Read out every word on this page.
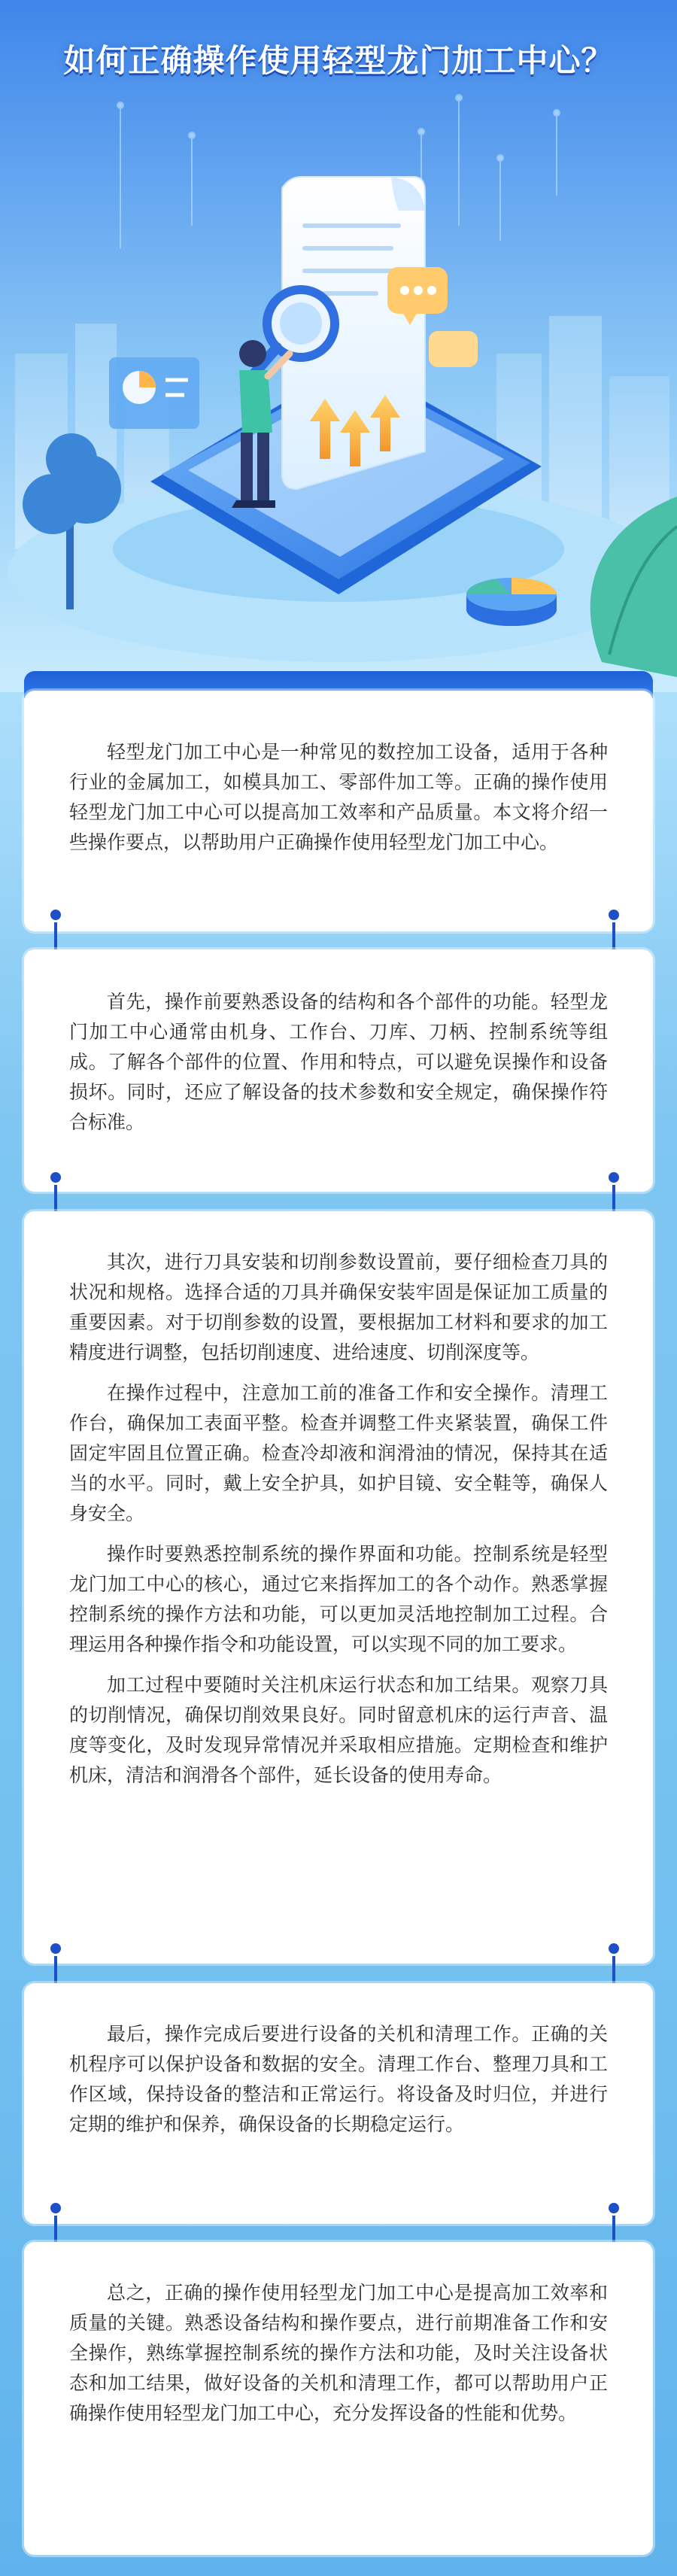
如何正确操作使用轻型龙门加工中心？

轻型龙门加工中心是一种常见的数控加工设备，适用于各种行业的金属加工，如模具加工、零部件加工等。正确的操作使用轻型龙门加工中心可以提高加工效率和产品质量。本文将介绍一些操作要点，以帮助用户正确操作使用轻型龙门加工中心。

首先，操作前要熟悉设备的结构和各个部件的功能。轻型龙门加工中心通常由机身、工作台、刀库、刀柄、控制系统等组成。了解各个部件的位置、作用和特点，可以避免误操作和设备损坏。同时，还应了解设备的技术参数和安全规定，确保操作符合标准。

其次，进行刀具安装和切削参数设置前，要仔细检查刀具的状况和规格。选择合适的刀具并确保安装牢固是保证加工质量的重要因素。对于切削参数的设置，要根据加工材料和要求的加工精度进行调整，包括切削速度、进给速度、切削深度等。

在操作过程中，注意加工前的准备工作和安全操作。清理工作台，确保加工表面平整。检查并调整工件夹紧装置，确保工件固定牢固且位置正确。检查冷却液和润滑油的情况，保持其在适当的水平。同时，戴上安全护具，如护目镜、安全鞋等，确保人身安全。

操作时要熟悉控制系统的操作界面和功能。控制系统是轻型龙门加工中心的核心，通过它来指挥加工的各个动作。熟悉掌握控制系统的操作方法和功能，可以更加灵活地控制加工过程。合理运用各种操作指令和功能设置，可以实现不同的加工要求。

加工过程中要随时关注机床运行状态和加工结果。观察刀具的切削情况，确保切削效果良好。同时留意机床的运行声音、温度等变化，及时发现异常情况并采取相应措施。定期检查和维护机床，清洁和润滑各个部件，延长设备的使用寿命。

最后，操作完成后要进行设备的关机和清理工作。正确的关机程序可以保护设备和数据的安全。清理工作台、整理刀具和工作区域，保持设备的整洁和正常运行。将设备及时归位，并进行定期的维护和保养，确保设备的长期稳定运行。

总之，正确的操作使用轻型龙门加工中心是提高加工效率和质量的关键。熟悉设备结构和操作要点，进行前期准备工作和安全操作，熟练掌握控制系统的操作方法和功能，及时关注设备状态和加工结果，做好设备的关机和清理工作，都可以帮助用户正确操作使用轻型龙门加工中心，充分发挥设备的性能和优势。
